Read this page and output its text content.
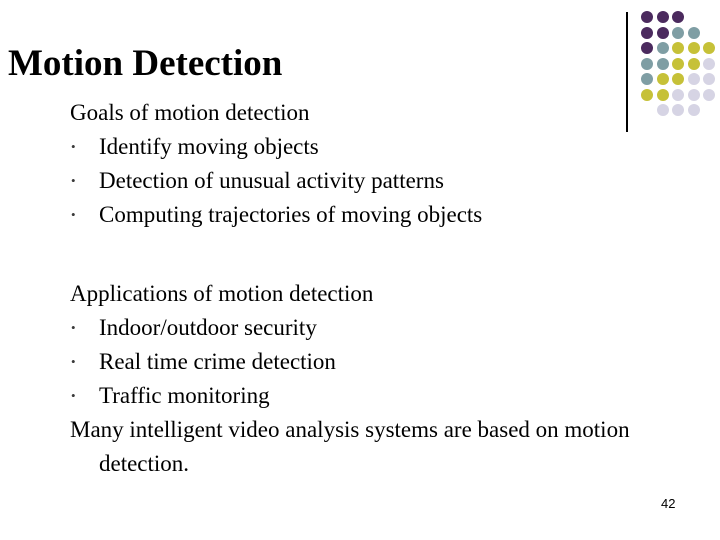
Motion Detection
Goals of motion detection
• Identify moving objects
• Detection of unusual activity patterns
• Computing trajectories of moving objects
Applications of motion detection
• Indoor/outdoor security
• Real time crime detection
• Traffic monitoring
Many intelligent video analysis systems are based on motion detection.
42
